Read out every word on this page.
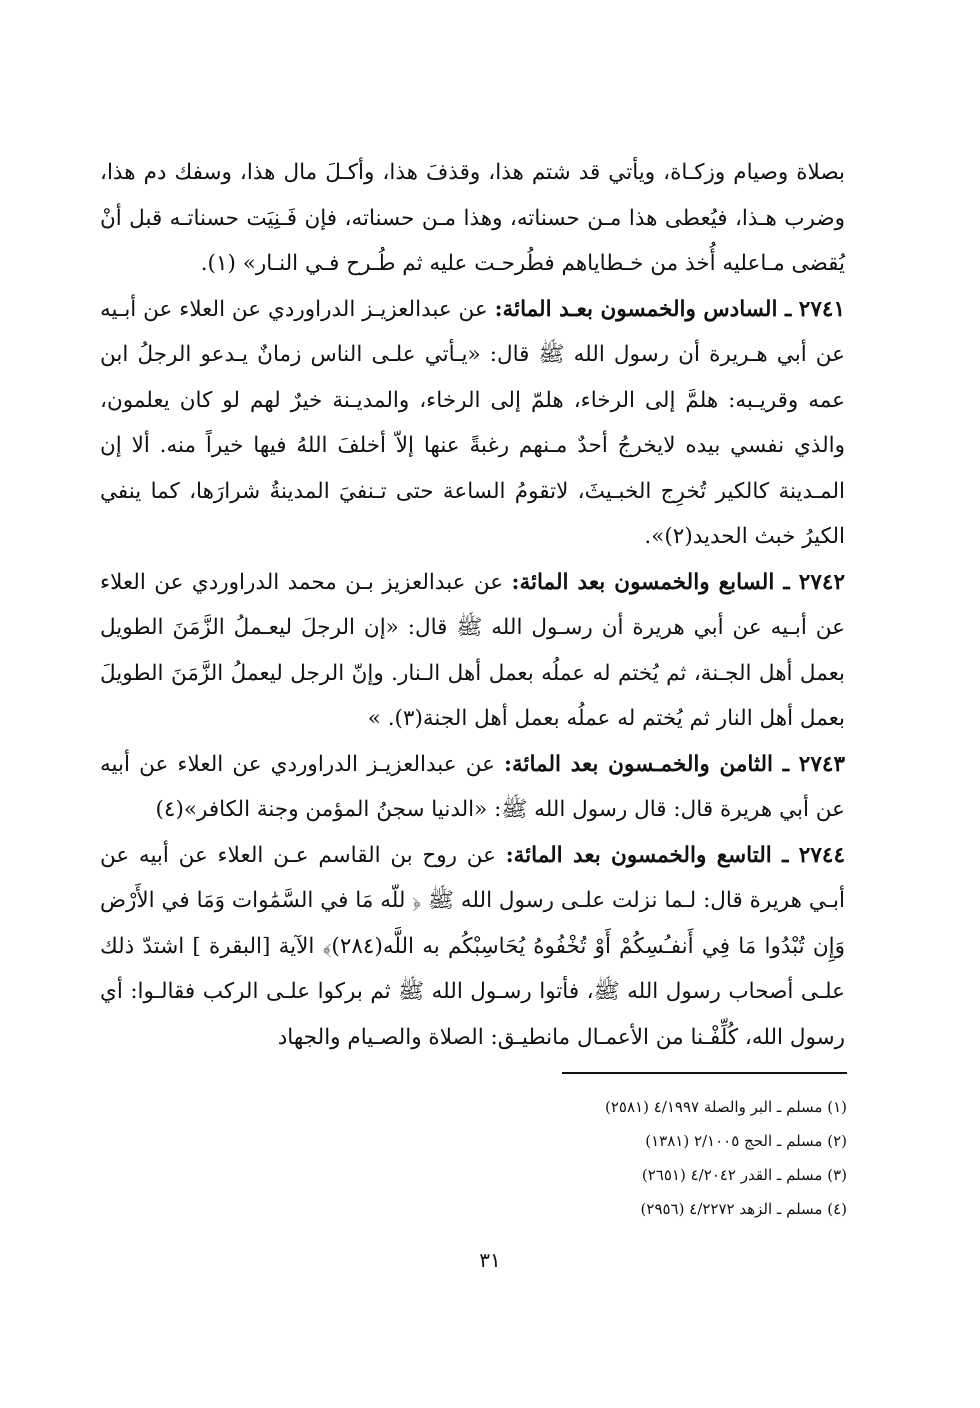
بصلاة وصيام وزكـاة، ويأتي قد شتم هذا، وقذفَ هذا، وأكـلَ مال هذا، وسفك دم هذا، وضرب هـذا، فيُعطى هذا مـن حسناته، وهذا مـن حسناته، فإن فَـنِيَت حسناتـه قبل أنْ يُقضى مـاعليه أُخذ من خـطاياهم فطُرحـت عليه ثم طُـرح فـي النـار» (١).

٢٧٤١ ـ السادس والخمسون بعـد المائة: عن عبدالعزيـز الدراوردي عن العلاء عن أبـيه عن أبي هـريرة أن رسول الله ﷺ قال: «يـأتي علـى الناس زمانٌ يـدعو الرجلُ ابن عمه وقريـبه: هلمَّ إلى الرخاء، هلمّ إلى الرخاء، والمديـنة خيرٌ لهم لو كان يعلمون، والذي نفسي بيده لايخرجُ أحدٌ مـنهم رغبةً عنها إلاّ أخلفَ اللهُ فيها خيراً منه. ألا إن المـدينة كالكير تُخرِج الخبـيثَ، لاتقومُ الساعة حتى تـنفيَ المدينةُ شرارَها، كما ينفي الكيرُ خبث الحديد(٢)».

٢٧٤٢ ـ السابع والخمسون بعد المائة: عن عبدالعزيز بـن محمد الدراوردي عن العلاء عن أبـيه عن أبي هريرة أن رسـول الله ﷺ قال: «إن الرجلَ ليعـملُ الزَّمَنَ الطويل بعمل أهل الجـنة، ثم يُختم له عملُه بعمل أهل الـنار. وإنّ الرجل ليعملُ الزَّمَنَ الطويلَ بعمل أهل النار ثم يُختم له عملُه بعمل أهل الجنة(٣). »

٢٧٤٣ ـ الثامن والخمـسون بعد المائة: عن عبدالعزيـز الدراوردي عن العلاء عن أبيه عن أبي هريرة قال: قال رسول الله ﷺ: «الدنيا سجنُ المؤمن وجنة الكافر»(٤)

٢٧٤٤ ـ التاسع والخمسون بعد المائة: عن روح بن القاسم عـن العلاء عن أبيه عن أبـي هريرة قال: لـما نزلت علـى رسول الله ﷺ ﴿ للّه مَا في السَّمَٰوات وَمَا في الأَرْض وَإِن تُبْدُوا مَا فِي أَنفـُسِكُمْ أَوْ تُخْفُوهُ يُحَاسِبْكُم به اللَّه(٢٨٤)﴾ الآية [البقرة ] اشتدّ ذلك علـى أصحاب رسول الله ﷺ، فأتوا رسـول الله ﷺ ثم بركوا علـى الركب فقالـوا: أي رسول الله، كُلِّفْـنا من الأعمـال مانطيـق: الصلاة والصـيام والجهاد

(١) مسلم ـ البر والصلة ٤/١٩٩٧ (٢٥٨١)
(٢) مسلم ـ الحج ٢/١٠٠٥ (١٣٨١)
(٣) مسلم ـ القدر ٤/٢٠٤٢ (٢٦٥١)
(٤) مسلم ـ الزهد ٤/٢٢٧٢ (٢٩٥٦)
٣١
